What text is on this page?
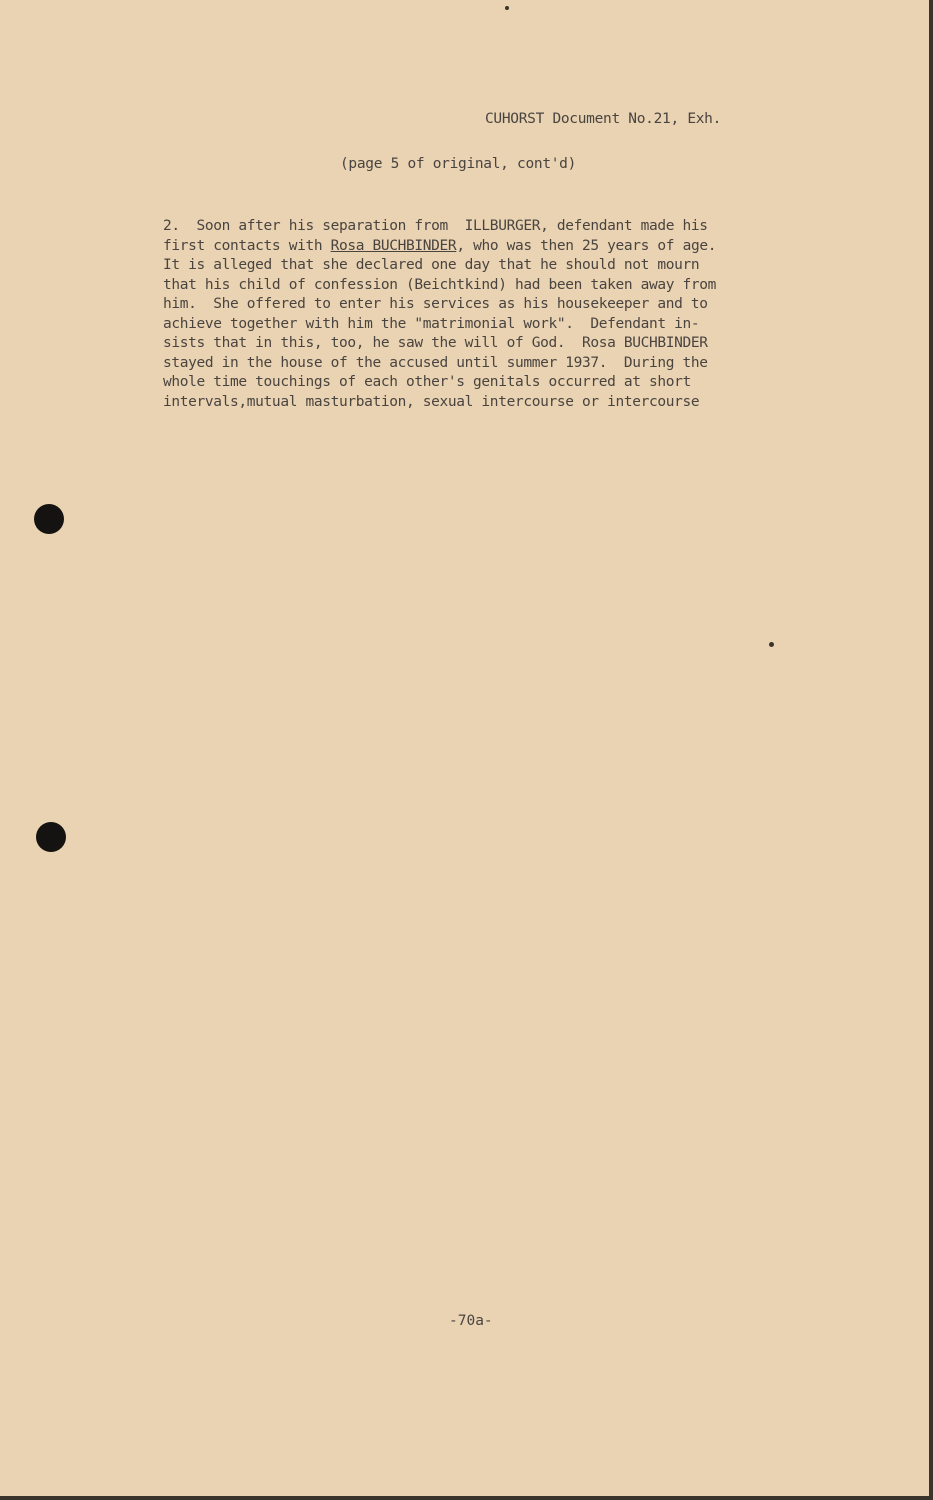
CUHORST Document No.21, Exh.
(page 5 of original, cont'd)
2.  Soon after his separation from  ILLBURGER, defendant made his
first contacts with Rosa BUCHBINDER, who was then 25 years of age.
It is alleged that she declared one day that he should not mourn
that his child of confession (Beichtkind) had been taken away from
him.  She offered to enter his services as his housekeeper and to
achieve together with him the "matrimonial work".  Defendant in-
sists that in this, too, he saw the will of God.  Rosa BUCHBINDER
stayed in the house of the accused until summer 1937.  During the
whole time touchings of each other's genitals occurred at short
intervals,mutual masturbation, sexual intercourse or intercourse
-70a-
